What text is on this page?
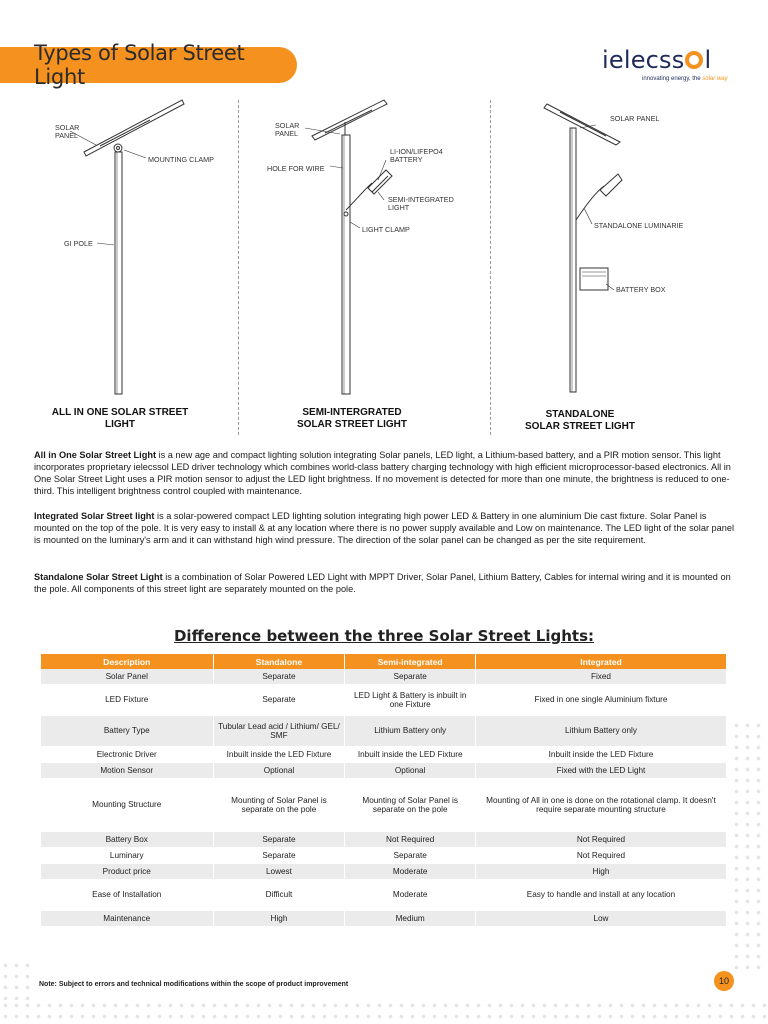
Types of Solar Street Light
ielecss l
innovating energy, the solar way
SOLAR
PANEL
MOUNTING CLAMP
GI POLE
SOLAR
PANEL
LI-ION/LIFEPO4
BATTERY
HOLE FOR WIRE
SEMI-INTEGRATED
LIGHT
LIGHT CLAMP
SOLAR PANEL
STANDALONE LUMINARIE
BATTERY BOX
ALL IN ONE SOLAR STREET
LIGHT
SEMI-INTERGRATED
SOLAR STREET LIGHT
STANDALONE
SOLAR STREET LIGHT

All in One Solar Street Light is a new age and compact lighting solution integrating Solar panels, LED light, a Lithium-based battery, and a PIR motion sensor. This light incorporates proprietary ielecssol LED driver technology which combines world-class battery charging technology with high efficient microprocessor-based electronics. All in One Solar Street Light uses a PIR motion sensor to adjust the LED light brightness. If no movement is detected for more than one minute, the brightness is reduced to one-third. This intelligent brightness control coupled with maintenance.

Integrated Solar Street light is a solar-powered compact LED lighting solution integrating high power LED & Battery in one aluminium Die cast fixture. Solar Panel is mounted on the top of the pole. It is very easy to install & at any location where there is no power supply available and Low on maintenance. The LED light of the solar panel is mounted on the luminary's arm and it can withstand high wind pressure. The direction of the solar panel can be changed as per the site requirement.

Standalone Solar Street Light is a combination of Solar Powered LED Light with MPPT Driver, Solar Panel, Lithium Battery, Cables for internal wiring and it is mounted on the pole. All components of this street light are separately mounted on the pole.

Difference between the three Solar Street Lights:
Description	Standalone	Semi-integrated	Integrated
Solar Panel	Separate	Separate	Fixed
LED Fixture	Separate	LED Light & Battery is inbuilt in one Fixture	Fixed in one single Aluminium fixture
Battery Type	Tubular Lead acid / Lithium/ GEL/ SMF	Lithium Battery only	Lithium Battery only
Electronic Driver	Inbuilt inside the LED Fixture	Inbuilt inside the LED Fixture	Inbuilt inside the LED Fixture
Motion Sensor	Optional	Optional	Fixed with the LED Light
Mounting Structure	Mounting of Solar Panel is separate on the pole	Mounting of Solar Panel is separate on the pole	Mounting of All in one is done on the rotational clamp. It doesn't require separate mounting structure
Battery Box	Separate	Not Required	Not Required
Luminary	Separate	Separate	Not Required
Product price	Lowest	Moderate	High
Ease of Installation	Difficult	Moderate	Easy to handle and install at any location
Maintenance	High	Medium	Low
Note: Subject to errors and technical modifications within the scope of product improvement	10
